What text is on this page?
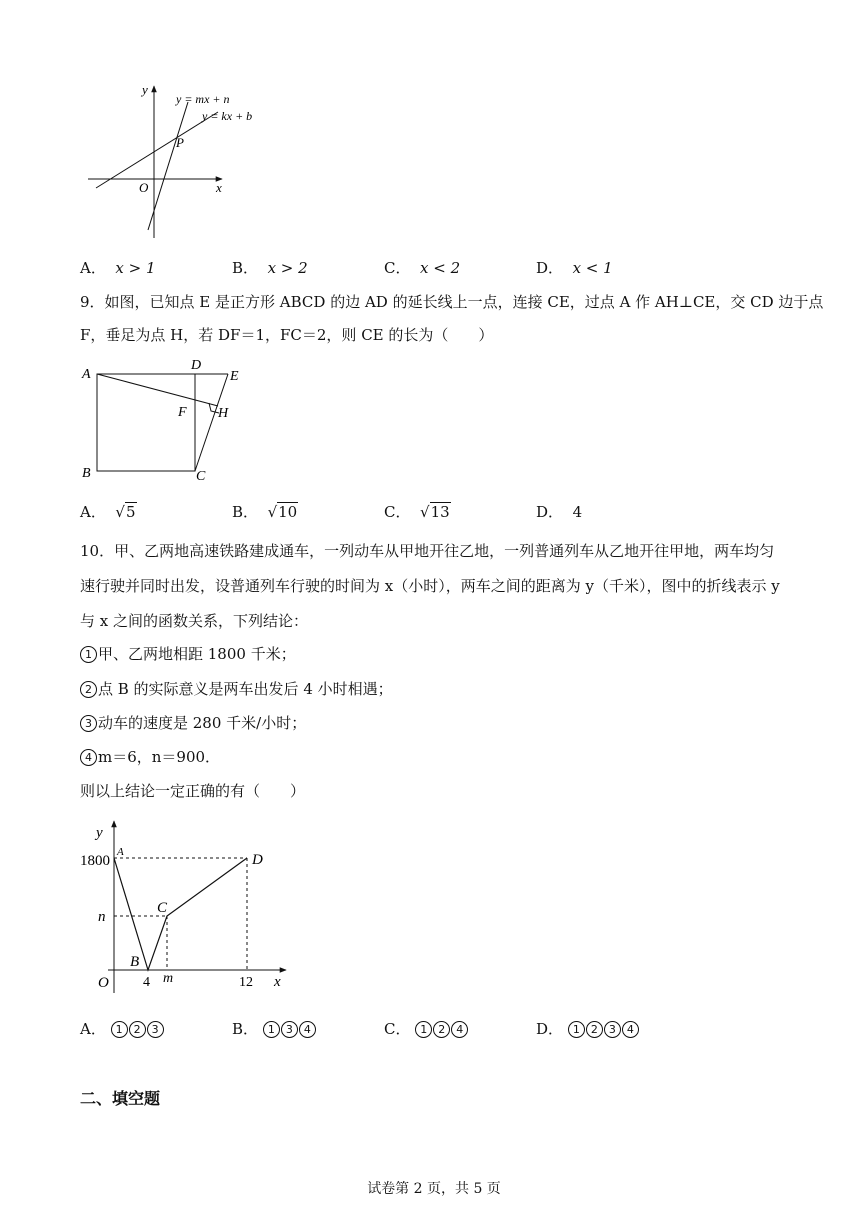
y
x
O
P
y = mx + n
y = kx + b
A． x > 1	B． x > 2	C． x < 2	D． x < 1
9．如图，已知点 E 是正方形 ABCD 的边 AD 的延长线上一点，连接 CE，过点 A 作 AH⊥CE，交 CD 边于点
F，垂足为点 H，若 DF＝1，FC＝2，则 CE 的长为（　　）
A
D
E
F H
B	C
A．  √5	B．  √10	C．  √13	D． 4
10．甲、乙两地高速铁路建成通车，一列动车从甲地开往乙地，一列普通列车从乙地开往甲地，两车均匀
速行驶并同时出发，设普通列车行驶的时间为 x（小时），两车之间的距离为 y（千米），图中的折线表示 y
与 x 之间的函数关系，下列结论：
1 甲、乙两地相距 1800 千米；
2 点 B 的实际意义是两车出发后 4 小时相遇；
3 动车的速度是 280 千米/小时；
4 m＝6，n＝900．
则以上结论一定正确的有（　　）
y
x
O
1800
n
4 m	12
A
B
C
D
A． 1 2 3	B． 1 3 4	C． 1 2 4	D． 1 2 3 4
二、填空题
试卷第 2 页，共 5 页
